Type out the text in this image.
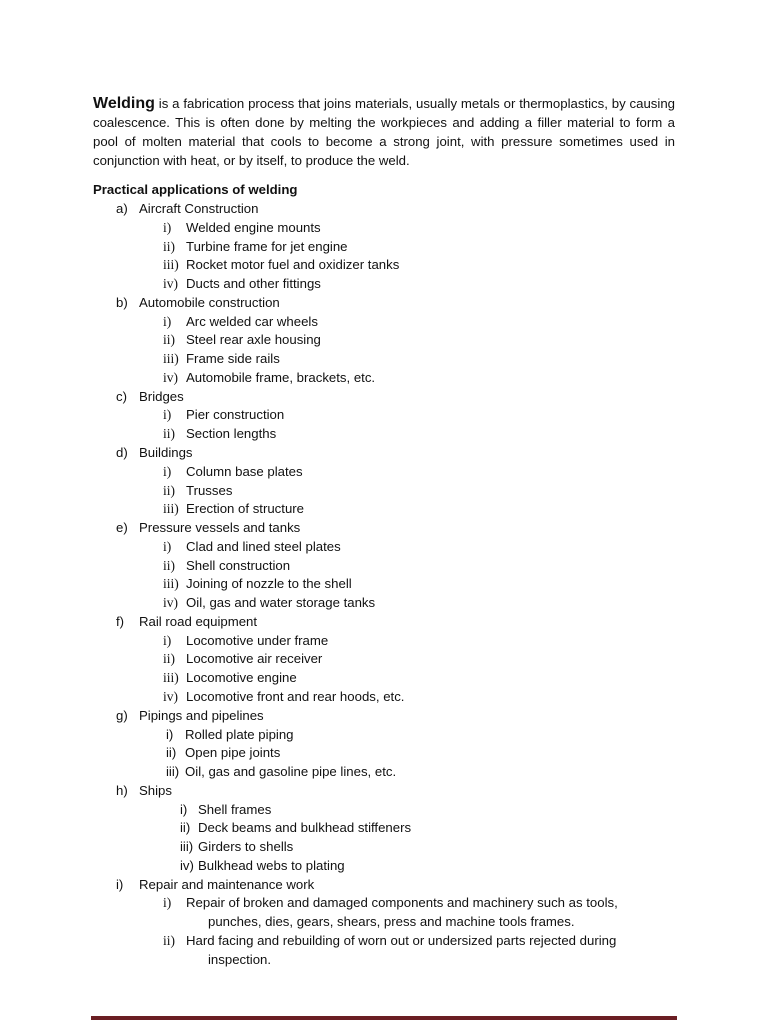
Welding is a fabrication process that joins materials, usually metals or thermoplastics, by causing coalescence. This is often done by melting the workpieces and adding a filler material to form a pool of molten material that cools to become a strong joint, with pressure sometimes used in conjunction with heat, or by itself, to produce the weld.

Practical applications of welding
a) Aircraft Construction
i) Welded engine mounts
ii) Turbine frame for jet engine
iii) Rocket motor fuel and oxidizer tanks
iv) Ducts and other fittings
b) Automobile construction
i) Arc welded car wheels
ii) Steel rear axle housing
iii) Frame side rails
iv) Automobile frame, brackets, etc.
c) Bridges
i) Pier construction
ii) Section lengths
d) Buildings
i) Column base plates
ii) Trusses
iii) Erection of structure
e) Pressure vessels and tanks
i) Clad and lined steel plates
ii) Shell construction
iii) Joining of nozzle to the shell
iv) Oil, gas and water storage tanks
f) Rail road equipment
i) Locomotive under frame
ii) Locomotive air receiver
iii) Locomotive engine
iv) Locomotive front and rear hoods, etc.
g) Pipings and pipelines
i) Rolled plate piping
ii) Open pipe joints
iii) Oil, gas and gasoline pipe lines, etc.
h) Ships
i) Shell frames
ii) Deck beams and bulkhead stiffeners
iii) Girders to shells
iv) Bulkhead webs to plating
i) Repair and maintenance work
i) Repair of broken and damaged components and machinery such as tools,
punches, dies, gears, shears, press and machine tools frames.
ii) Hard facing and rebuilding of worn out or undersized parts rejected during
inspection.
